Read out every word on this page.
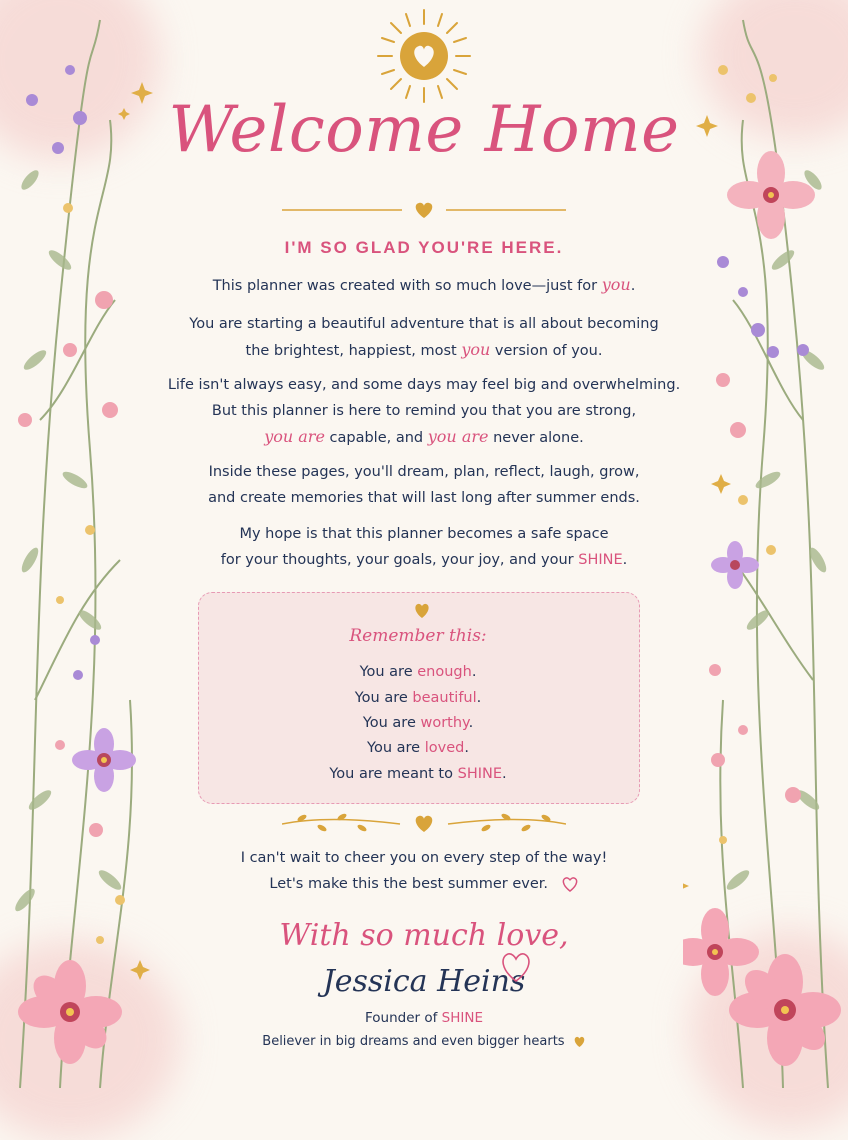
Welcome Home
I'M SO GLAD YOU'RE HERE.
This planner was created with so much love—just for you.
You are starting a beautiful adventure that is all about becoming
the brightest, happiest, most you version of you.
Life isn't always easy, and some days may feel big and overwhelming.
But this planner is here to remind you that you are strong,
you are capable, and you are never alone.
Inside these pages, you'll dream, plan, reflect, laugh, grow,
and create memories that will last long after summer ends.
My hope is that this planner becomes a safe space
for your thoughts, your goals, your joy, and your SHINE.
Remember this:
You are enough.
You are beautiful.
You are worthy.
You are loved.
You are meant to SHINE.
I can't wait to cheer you on every step of the way!
Let's make this the best summer ever.
With so much love,
Jessica Heins
Founder of SHINE
Believer in big dreams and even bigger hearts
